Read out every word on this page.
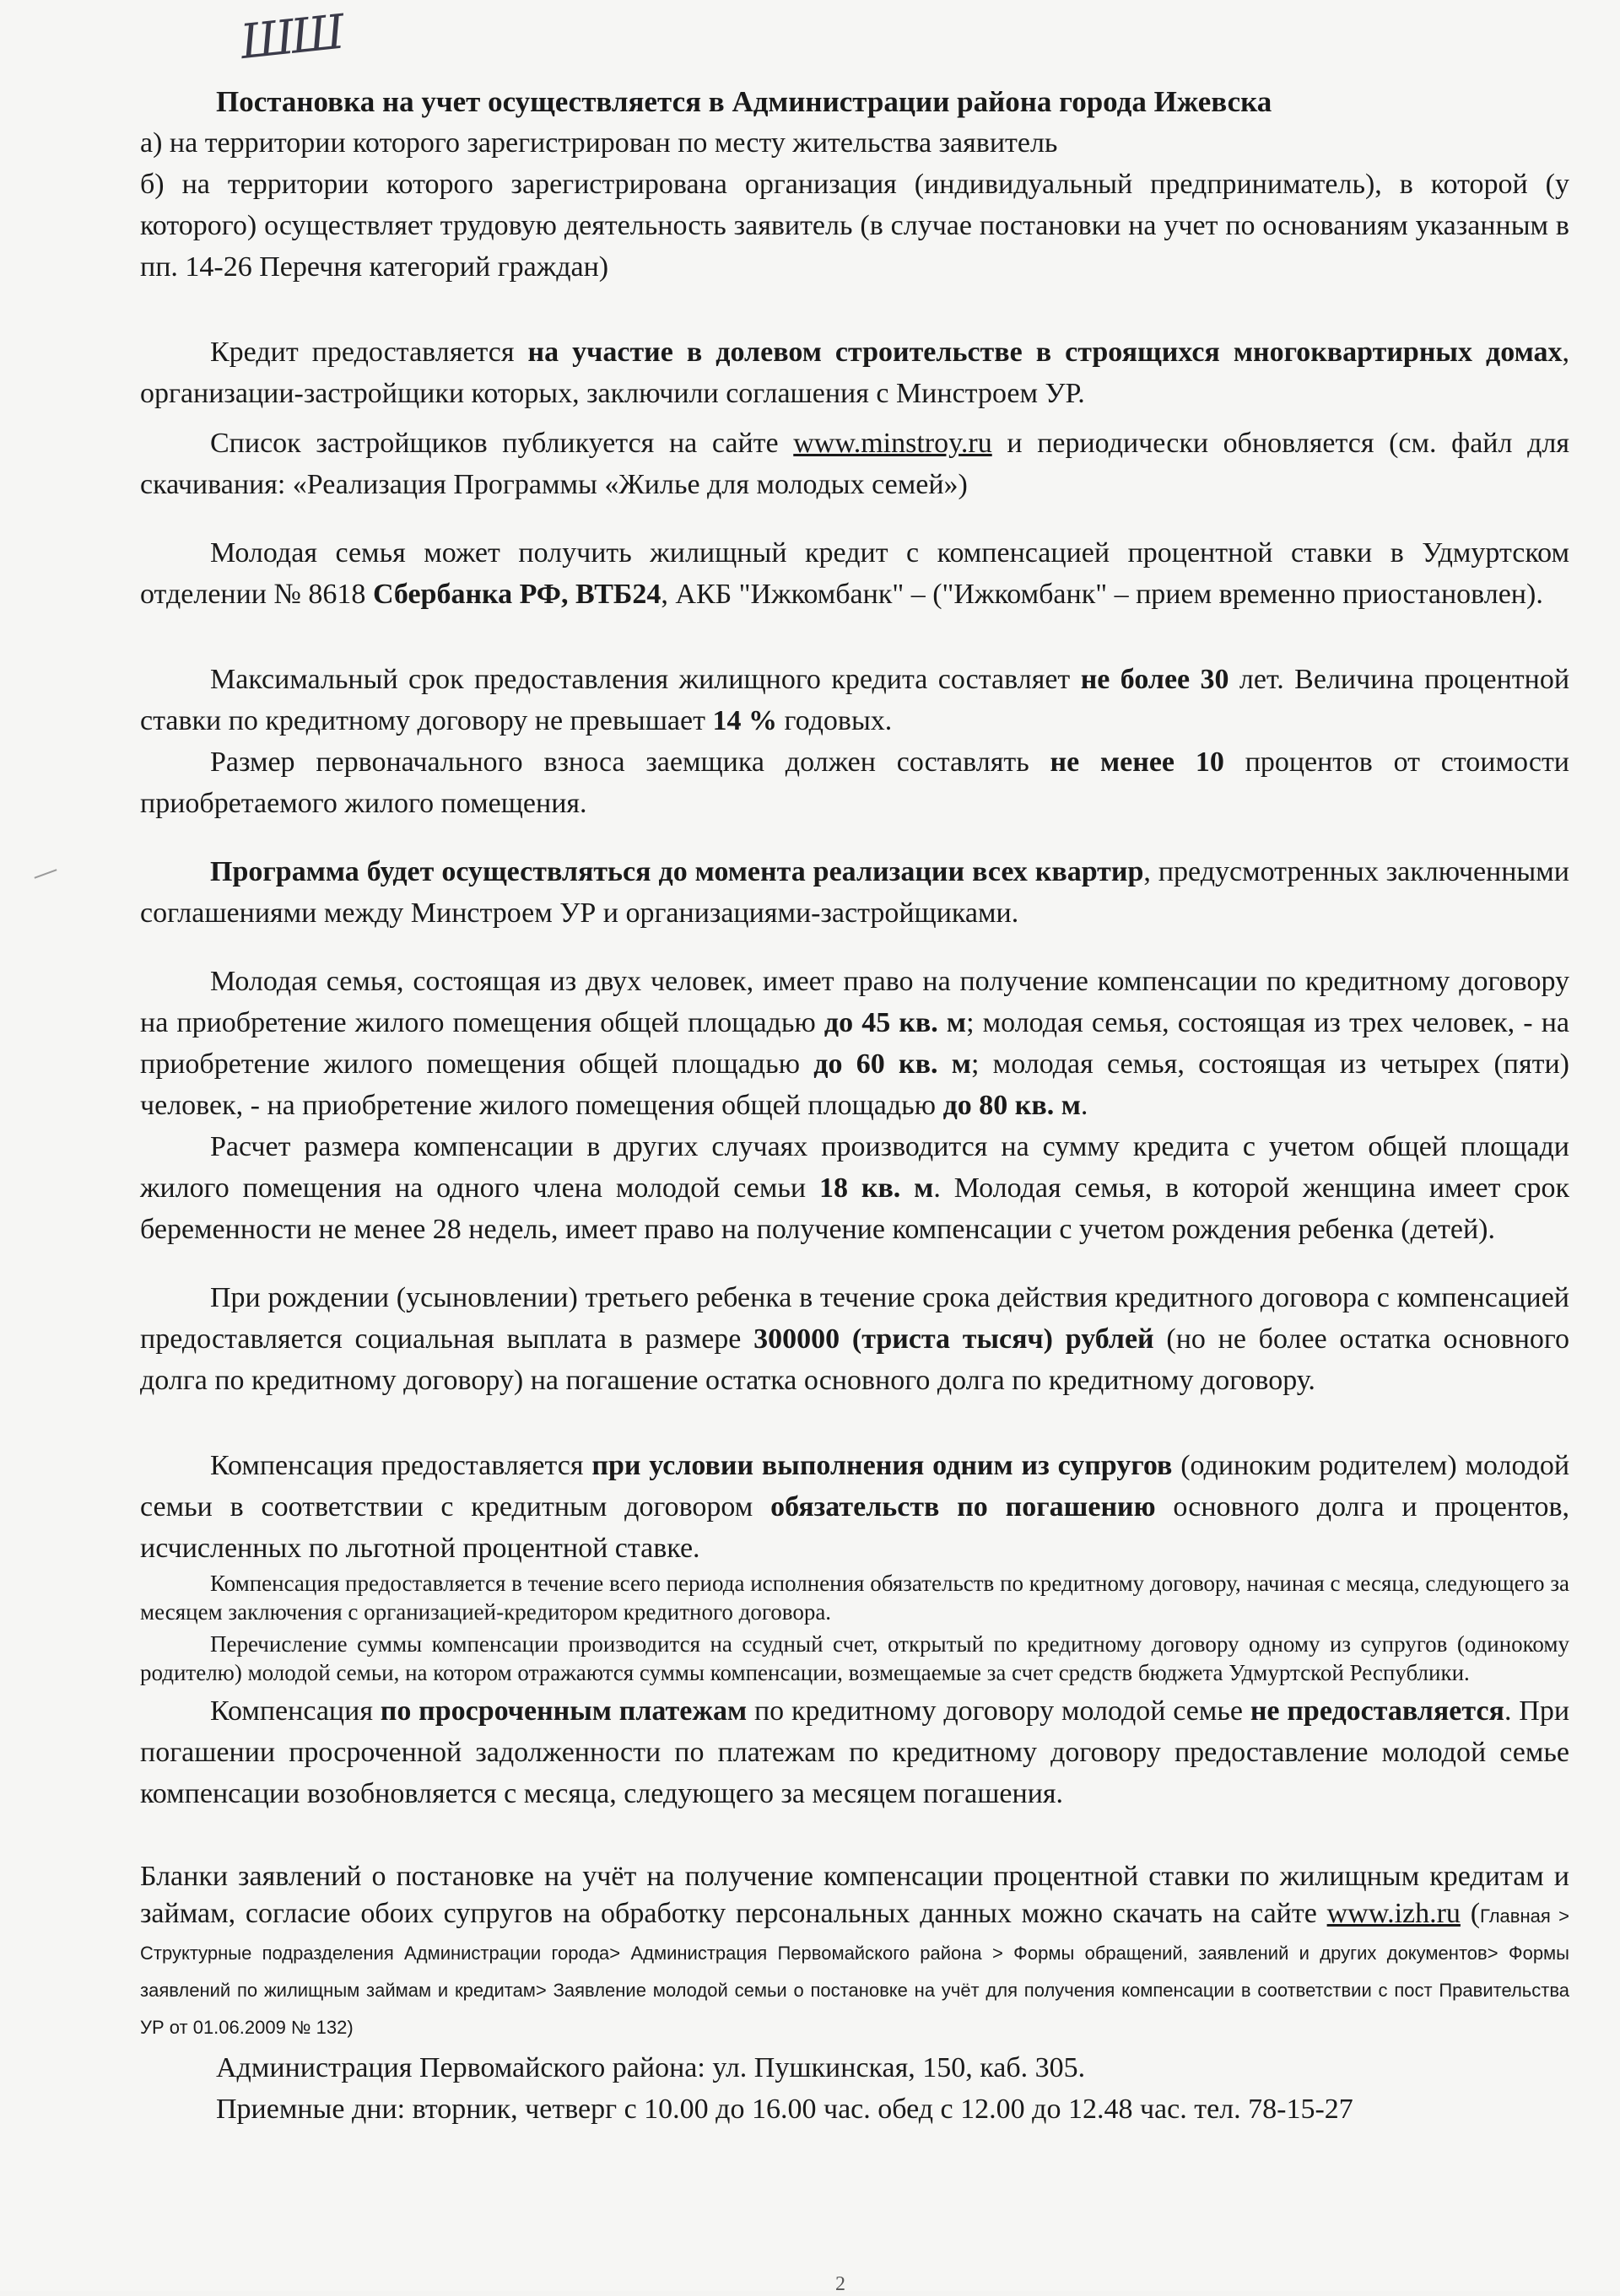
ШШ

Постановка на учет осуществляется в Администрации района города Ижевска

а) на территории которого зарегистрирован по месту жительства заявитель

б) на территории которого зарегистрирована организация (индивидуальный предприниматель), в которой (у которого) осуществляет трудовую деятельность заявитель (в случае постановки на учет по основаниям указанным в пп. 14-26 Перечня категорий граждан)

Кредит предоставляется на участие в долевом строительстве в строящихся многоквартирных домах, организации-застройщики которых, заключили соглашения с Минстроем УР.

Список застройщиков публикуется на сайте www.minstroy.ru и периодически обновляется (см. файл для скачивания: «Реализация Программы «Жилье для молодых семей»)

Молодая семья может получить жилищный кредит с компенсацией процентной ставки в Удмуртском отделении № 8618 Сбербанка РФ, ВТБ24, АКБ "Ижкомбанк" – ("Ижкомбанк" – прием временно приостановлен).

Максимальный срок предоставления жилищного кредита составляет не более 30 лет. Величина процентной ставки по кредитному договору не превышает 14 % годовых.

Размер первоначального взноса заемщика должен составлять не менее 10 процентов от стоимости приобретаемого жилого помещения.

Программа будет осуществляться до момента реализации всех квартир, предусмотренных заключенными соглашениями между Минстроем УР и организациями-застройщиками.

Молодая семья, состоящая из двух человек, имеет право на получение компенсации по кредитному договору на приобретение жилого помещения общей площадью до 45 кв. м; молодая семья, состоящая из трех человек, - на приобретение жилого помещения общей площадью до 60 кв. м; молодая семья, состоящая из четырех (пяти) человек, - на приобретение жилого помещения общей площадью до 80 кв. м.

Расчет размера компенсации в других случаях производится на сумму кредита с учетом общей площади жилого помещения на одного члена молодой семьи 18 кв. м. Молодая семья, в которой женщина имеет срок беременности не менее 28 недель, имеет право на получение компенсации с учетом рождения ребенка (детей).

При рождении (усыновлении) третьего ребенка в течение срока действия кредитного договора с компенсацией предоставляется социальная выплата в размере 300000 (триста тысяч) рублей (но не более остатка основного долга по кредитному договору) на погашение остатка основного долга по кредитному договору.

Компенсация предоставляется при условии выполнения одним из супругов (одиноким родителем) молодой семьи в соответствии с кредитным договором обязательств по погашению основного долга и процентов, исчисленных по льготной процентной ставке.

Компенсация предоставляется в течение всего периода исполнения обязательств по кредитному договору, начиная с месяца, следующего за месяцем заключения с организацией-кредитором кредитного договора.

Перечисление суммы компенсации производится на ссудный счет, открытый по кредитному договору одному из супругов (одинокому родителю) молодой семьи, на котором отражаются суммы компенсации, возмещаемые за счет средств бюджета Удмуртской Республики.

Компенсация по просроченным платежам по кредитному договору молодой семье не предоставляется. При погашении просроченной задолженности по платежам по кредитному договору предоставление молодой семье компенсации возобновляется с месяца, следующего за месяцем погашения.

Бланки заявлений о постановке на учёт на получение компенсации процентной ставки по жилищным кредитам и займам, согласие обоих супругов на обработку персональных данных можно скачать на сайте www.izh.ru (Главная > Структурные подразделения Администрации города> Администрация Первомайского района > Формы обращений, заявлений и других документов> Формы заявлений по жилищным займам и кредитам> Заявление молодой семьи о постановке на учёт для получения компенсации в соответствии с пост Правительства УР от 01.06.2009 № 132)

Администрация Первомайского района: ул. Пушкинская, 150, каб. 305.

Приемные дни: вторник, четверг с 10.00 до 16.00 час. обед с 12.00 до 12.48 час. тел. 78-15-27

2
